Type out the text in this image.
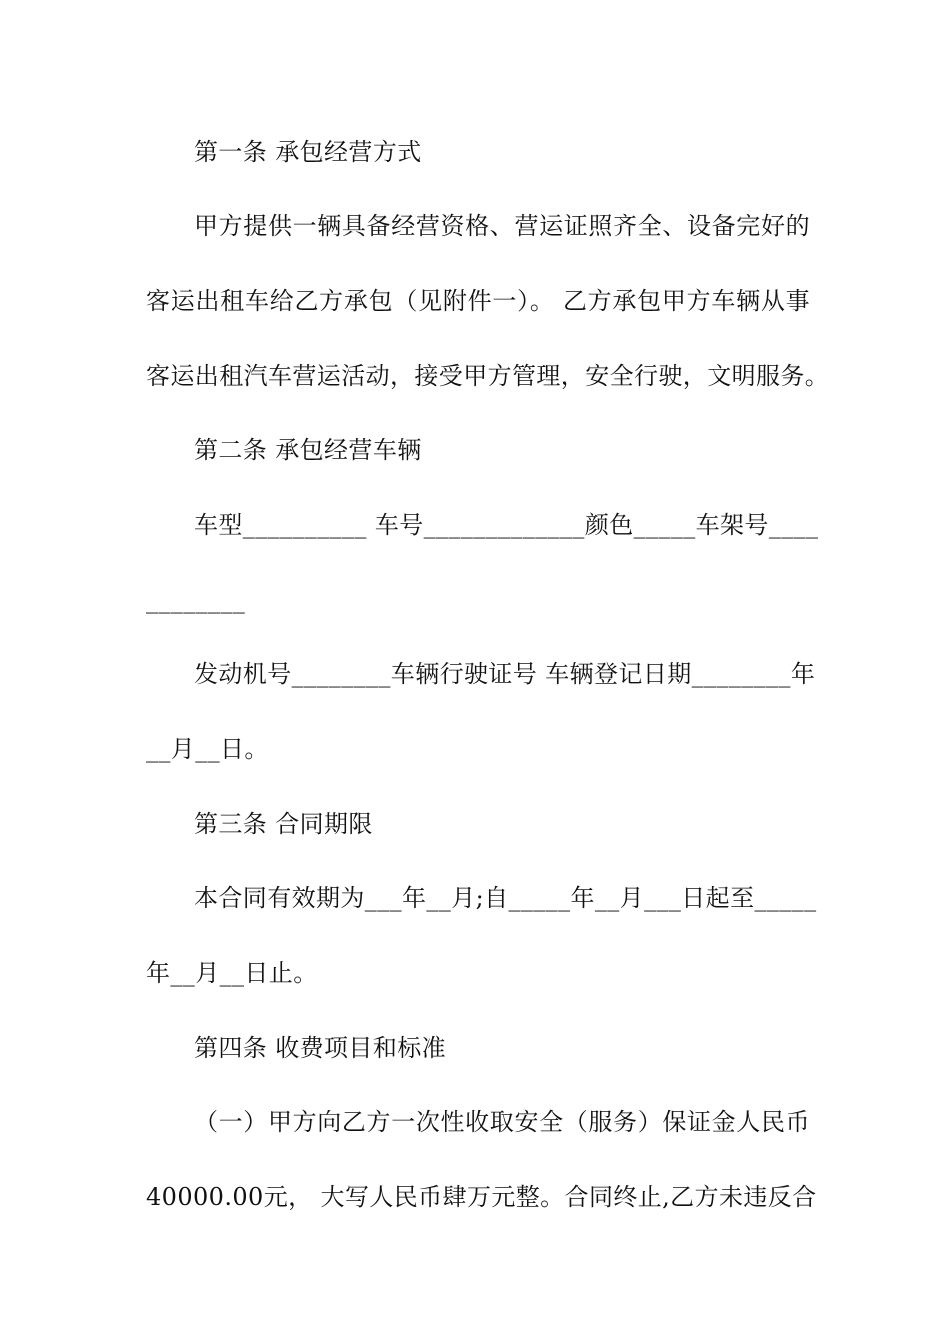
第一条 承包经营方式
甲方提供一辆具备经营资格、营运证照齐全、设备完好的
客运出租车给乙方承包（见附件一）。 乙方承包甲方车辆从事
客运出租汽车营运活动，接受甲方管理，安全行驶，文明服务。
第二条 承包经营车辆
车型__________ 车号_____________颜色_____车架号____
________
发动机号________车辆行驶证号 车辆登记日期________年
__月__日。
第三条 合同期限
本合同有效期为___年__月;自_____年__月___日起至_____
年__月__日止。
第四条 收费项目和标准
（一）甲方向乙方一次性收取安全（服务）保证金人民币
40000.00元， 大写人民币肆万元整。合同终止,乙方未违反合
